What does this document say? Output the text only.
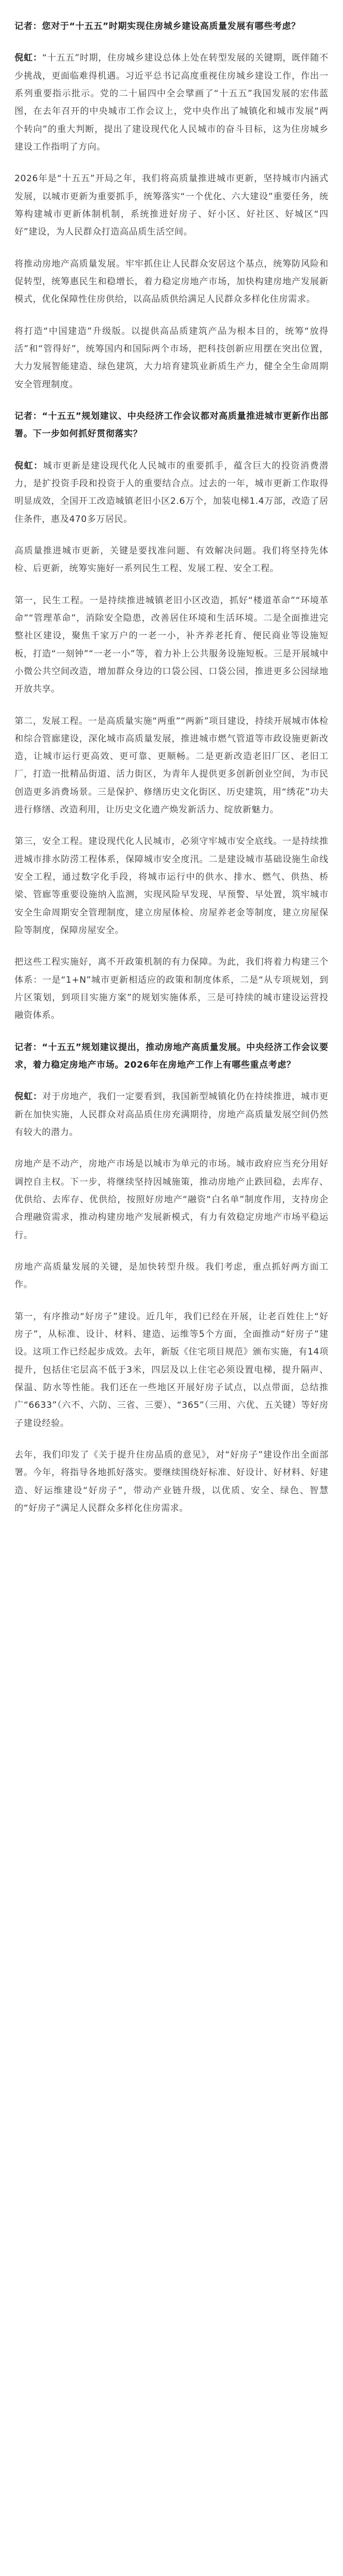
记者：您对于“十五五”时期实现住房城乡建设高质量发展有哪些考虑？
倪虹：“十五五”时期，住房城乡建设总体上处在转型发展的关键期，既伴随不少挑战，更面临难得机遇。习近平总书记高度重视住房城乡建设工作，作出一系列重要指示批示。党的二十届四中全会擘画了“十五五”我国发展的宏伟蓝图，在去年召开的中央城市工作会议上，党中央作出了城镇化和城市发展“两个转向”的重大判断，提出了建设现代化人民城市的奋斗目标，这为住房城乡建设工作指明了方向。
2026年是“十五五”开局之年，我们将高质量推进城市更新，坚持城市内涵式发展，以城市更新为重要抓手，统筹落实“一个优化、六大建设”重要任务，统筹构建城市更新体制机制，系统推进好房子、好小区、好社区、好城区“四好”建设，为人民群众打造高品质生活空间。
将推动房地产高质量发展。牢牢抓住让人民群众安居这个基点，统筹防风险和促转型，统筹惠民生和稳增长，着力稳定房地产市场，加快构建房地产发展新模式，优化保障性住房供给，以高品质供给满足人民群众多样化住房需求。
将打造“中国建造”升级版。以提供高品质建筑产品为根本目的，统筹“放得活”和“管得好”，统筹国内和国际两个市场，把科技创新应用摆在突出位置，大力发展智能建造、绿色建筑，大力培育建筑业新质生产力，健全全生命周期安全管理制度。
记者：“十五五”规划建议、中央经济工作会议都对高质量推进城市更新作出部署。下一步如何抓好贯彻落实？
倪虹：城市更新是建设现代化人民城市的重要抓手，蕴含巨大的投资消费潜力，是扩投资手段和投资于人的重要结合点。过去的一年，城市更新工作取得明显成效，全国开工改造城镇老旧小区2.6万个，加装电梯1.4万部，改造了居住条件，惠及470多万居民。
高质量推进城市更新，关键是要找准问题、有效解决问题。我们将坚持先体检、后更新，统筹实施好一系列民生工程、发展工程、安全工程。
第一，民生工程。一是持续推进城镇老旧小区改造，抓好“楼道革命”“环境革命”“管理革命”，消除安全隐患，改善居住环境和生活环境。二是全面推进完整社区建设，聚焦千家万户的一老一小，补齐养老托育、便民商业等设施短板，打造“一刻钟”“一老一小”等，着力补上公共服务设施短板。三是开展城中小微公共空间改造，增加群众身边的口袋公园、口袋公园，推进更多公园绿地开放共享。
第二，发展工程。一是高质量实施“两重”“两新”项目建设，持续开展城市体检和综合管廊建设，深化城市高质量发展，推进城市燃气管道等市政设施更新改造，让城市运行更高效、更可靠、更顺畅。二是更新改造老旧厂区、老旧工厂，打造一批精品街道、活力街区，为青年人提供更多创新创业空间，为市民创造更多消费场景。三是保护、修缮历史文化街区、历史建筑，用“绣花”功夫进行修缮、改造利用，让历史文化遗产焕发新活力、绽放新魅力。
第三，安全工程。建设现代化人民城市，必须守牢城市安全底线。一是持续推进城市排水防涝工程体系，保障城市安全度汛。二是建设城市基础设施生命线安全工程，通过数字化手段，将城市运行中的供水、排水、燃气、供热、桥梁、管廊等重要设施纳入监测，实现风险早发现、早预警、早处置，筑牢城市安全生命周期安全管理制度，建立房屋体检、房屋养老金等制度，建立房屋保险等制度，保障房屋安全。
把这些工程实施好，离不开政策机制的有力保障。为此，我们将着力构建三个体系：一是“1+N”城市更新相适应的政策和制度体系，二是“从专项规划，到片区策划，到项目实施方案”的规划实施体系，三是可持续的城市建设运营投融资体系。
记者：“十五五”规划建议提出，推动房地产高质量发展。中央经济工作会议要求，着力稳定房地产市场。2026年在房地产工作上有哪些重点考虑？
倪虹：对于房地产，我们一定要看到，我国新型城镇化仍在持续推进，城市更新在加快实施，人民群众对高品质住房充满期待，房地产高质量发展空间仍然有较大的潜力。
房地产是不动产，房地产市场是以城市为单元的市场。城市政府应当充分用好调控自主权。下一步，将继续坚持因城施策，推动房地产止跌回稳，去库存、优供给、去库存、优供给，按照好房地产“融资“白名单”制度作用，支持房企合理融资需求，推动构建房地产发展新模式，有力有效稳定房地产市场平稳运行。
房地产高质量发展的关键，是加快转型升级。我们考虑，重点抓好两方面工作。
第一，有序推动“好房子”建设。近几年，我们已经在开展，让老百姓住上“好房子”，从标准、设计、材料、建造、运维等5个方面，全面推动“好房子”建设。这项工作已经起步成效。去年，新版《住宅项目规范》颁布实施，有14项提升，包括住宅层高不低于3米，四层及以上住宅必须设置电梯，提升隔声、保温、防水等性能。我们还在一些地区开展好房子试点，以点带面，总结推广“6633”（六不、六防、三省、三要）、“365”（三用、六优、五关键）等好房子建设经验。
去年，我们印发了《关于提升住房品质的意见》，对“好房子”建设作出全面部署。今年，将指导各地抓好落实。要继续围绕好标准、好设计、好材料、好建造、好运维建设“好房子”，带动产业链升级，以优质、安全、绿色、智慧的“好房子”满足人民群众多样化住房需求。
